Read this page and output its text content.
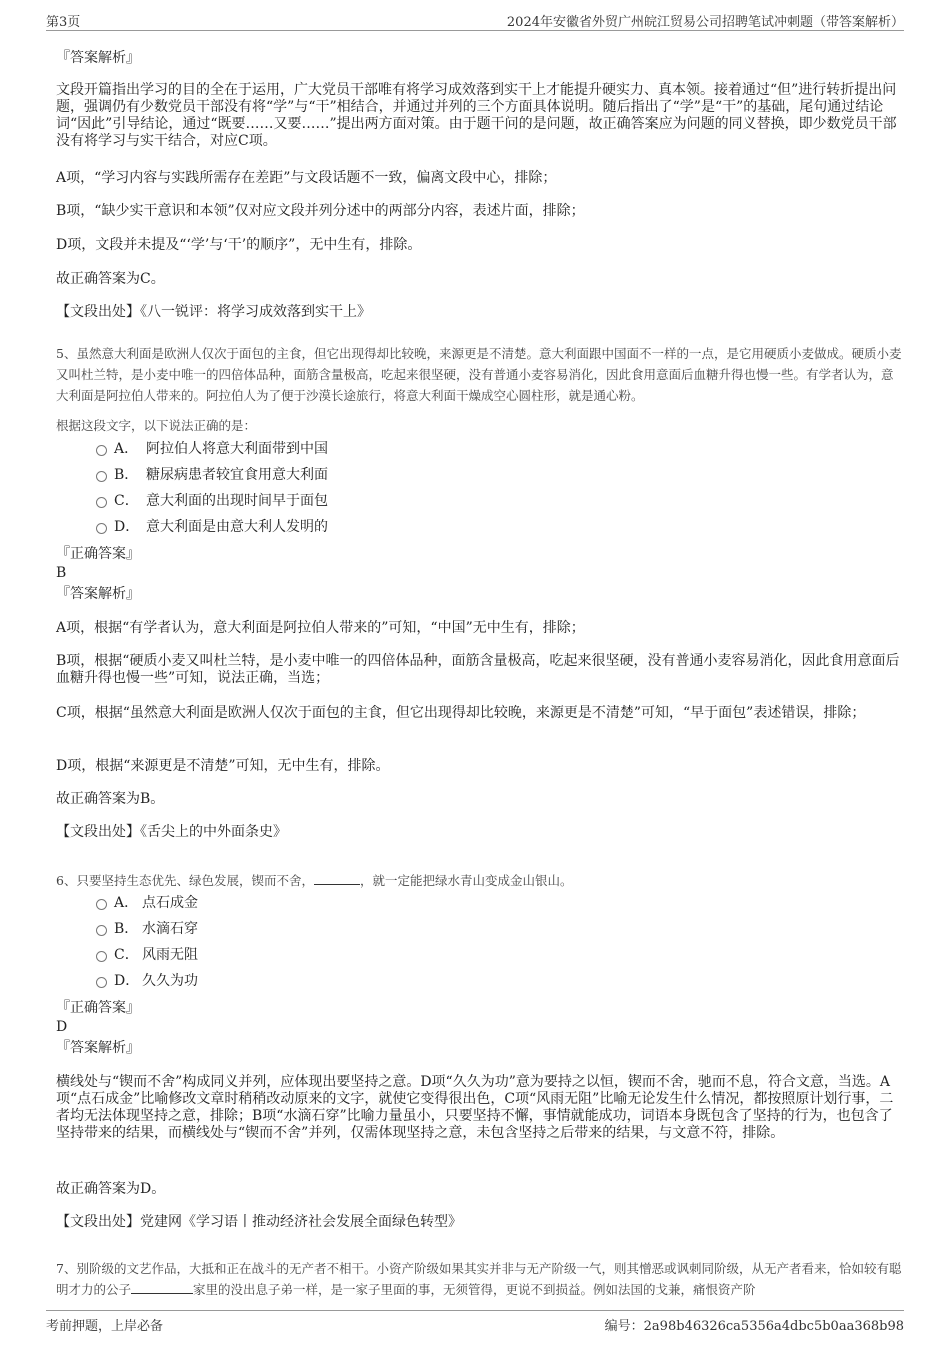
第3页	2024年安徽省外贸广州皖江贸易公司招聘笔试冲刺题（带答案解析）
『答案解析』

文段开篇指出学习的目的全在于运用，广大党员干部唯有将学习成效落到实干上才能提升硬实力、真本领。接着通过“但”进行转折提出问题，强调仍有少数党员干部没有将“学”与“干”相结合，并通过并列的三个方面具体说明。随后指出了“学”是“干”的基础，尾句通过结论词“因此”引导结论，通过“既要……又要……”提出两方面对策。由于题干问的是问题，故正确答案应为问题的同义替换，即少数党员干部没有将学习与实干结合，对应C项。

A项，“学习内容与实践所需存在差距”与文段话题不一致，偏离文段中心，排除；

B项，“缺少实干意识和本领”仅对应文段并列分述中的两部分内容，表述片面，排除；

D项，文段并未提及“‘学’与‘干’的顺序”，无中生有，排除。

故正确答案为C。

【文段出处】《八一锐评：将学习成效落到实干上》

5、虽然意大利面是欧洲人仅次于面包的主食，但它出现得却比较晚，来源更是不清楚。意大利面跟中国面不一样的一点，是它用硬质小麦做成。硬质小麦又叫杜兰特，是小麦中唯一的四倍体品种，面筋含量极高，吃起来很坚硬，没有普通小麦容易消化，因此食用意面后血糖升得也慢一些。有学者认为，意大利面是阿拉伯人带来的。阿拉伯人为了便于沙漠长途旅行，将意大利面干燥成空心圆柱形，就是通心粉。

根据这段文字，以下说法正确的是：

A． 阿拉伯人将意大利面带到中国
B． 糖尿病患者较宜食用意大利面
C． 意大利面的出现时间早于面包
D． 意大利面是由意大利人发明的
『正确答案』
B
『答案解析』

A项，根据“有学者认为，意大利面是阿拉伯人带来的”可知，“中国”无中生有，排除；

B项，根据“硬质小麦又叫杜兰特，是小麦中唯一的四倍体品种，面筋含量极高，吃起来很坚硬，没有普通小麦容易消化，因此食用意面后血糖升得也慢一些”可知，说法正确，当选；

C项，根据“虽然意大利面是欧洲人仅次于面包的主食，但它出现得却比较晚，来源更是不清楚”可知，“早于面包”表述错误，排除；

D项，根据“来源更是不清楚”可知，无中生有，排除。

故正确答案为B。

【文段出处】《舌尖上的中外面条史》

6、只要坚持生态优先、绿色发展，锲而不舍，	，就一定能把绿水青山变成金山银山。

A． 点石成金
B． 水滴石穿
C． 风雨无阻
D． 久久为功
『正确答案』
D
『答案解析』

横线处与“锲而不舍”构成同义并列，应体现出要坚持之意。D项“久久为功”意为要持之以恒，锲而不舍，驰而不息，符合文意，当选。A项“点石成金”比喻修改文章时稍稍改动原来的文字，就使它变得很出色，C项“风雨无阻”比喻无论发生什么情况，都按照原计划行事，二者均无法体现坚持之意，排除；B项“水滴石穿”比喻力量虽小，只要坚持不懈，事情就能成功，词语本身既包含了坚持的行为，也包含了坚持带来的结果，而横线处与“锲而不舍”并列，仅需体现坚持之意，未包含坚持之后带来的结果，与文意不符，排除。

故正确答案为D。

【文段出处】党建网《学习语丨推动经济社会发展全面绿色转型》

7、别阶级的文艺作品，大抵和正在战斗的无产者不相干。小资产阶级如果其实并非与无产阶级一气，则其憎恶或讽刺同阶级，从无产者看来，恰如较有聪明才力的公子	家里的没出息子弟一样，是一家子里面的事，无须管得，更说不到损益。例如法国的戈兼，痛恨资产阶

考前押题，上岸必备	编号：2a98b46326ca5356a4dbc5b0aa368b98
